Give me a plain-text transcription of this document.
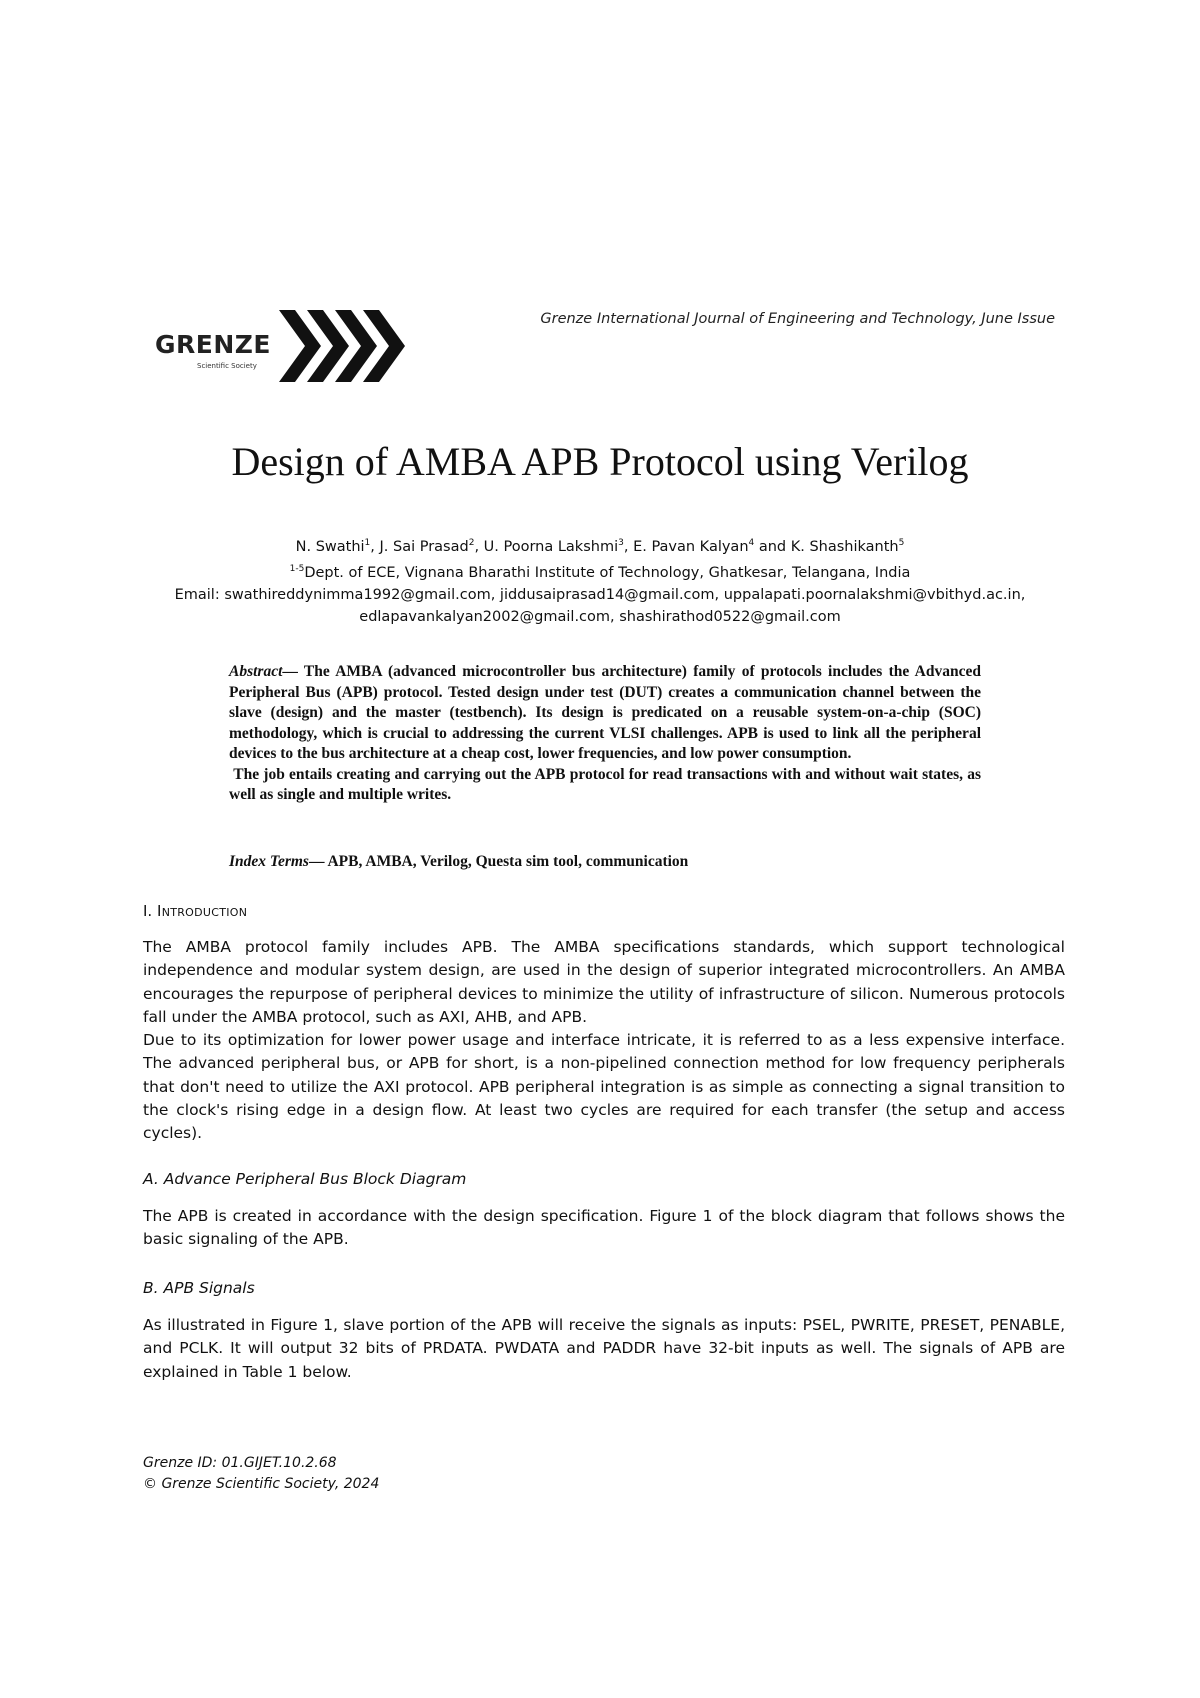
GRENZE
Scientific Society
Grenze International Journal of Engineering and Technology, June Issue
Design of AMBA APB Protocol using Verilog
N. Swathi$^1$, J. Sai Prasad$^2$, U. Poorna Lakshmi$^3$, E. Pavan Kalyan$^4$ and K. Shashikanth$^5$
$^{1-5}$Dept. of ECE, Vignana Bharathi Institute of Technology, Ghatkesar, Telangana, India
Email: swathireddynimma1992@gmail.com, jiddusaiprasad14@gmail.com, uppalapati.poornalakshmi@vbithyd.ac.in,
edlapavankalyan2002@gmail.com, shashirathod0522@gmail.com

Abstract— The AMBA (advanced microcontroller bus architecture) family of protocols includes the Advanced Peripheral Bus (APB) protocol. Tested design under test (DUT) creates a communication channel between the slave (design) and the master (testbench). Its design is predicated on a reusable system-on-a-chip (SOC) methodology, which is crucial to addressing the current VLSI challenges. APB is used to link all the peripheral devices to the bus architecture at a cheap cost, lower frequencies, and low power consumption.

The job entails creating and carrying out the APB protocol for read transactions with and without wait states, as well as single and multiple writes.

Index Terms— APB, AMBA, Verilog, Questa sim tool, communication
I. Introduction

The AMBA protocol family includes APB. The AMBA specifications standards, which support technological independence and modular system design, are used in the design of superior integrated microcontrollers. An AMBA encourages the repurpose of peripheral devices to minimize the utility of infrastructure of silicon. Numerous protocols fall under the AMBA protocol, such as AXI, AHB, and APB.

Due to its optimization for lower power usage and interface intricate, it is referred to as a less expensive interface. The advanced peripheral bus, or APB for short, is a non-pipelined connection method for low frequency peripherals that don't need to utilize the AXI protocol. APB peripheral integration is as simple as connecting a signal transition to the clock's rising edge in a design flow. At least two cycles are required for each transfer (the setup and access cycles).

A. Advance Peripheral Bus Block Diagram

The APB is created in accordance with the design specification. Figure 1 of the block diagram that follows shows the basic signaling of the APB.

B. APB Signals

As illustrated in Figure 1, slave portion of the APB will receive the signals as inputs: PSEL, PWRITE, PRESET, PENABLE, and PCLK. It will output 32 bits of PRDATA. PWDATA and PADDR have 32-bit inputs as well. The signals of APB are explained in Table 1 below.

Grenze ID: 01.GIJET.10.2.68
© Grenze Scientific Society, 2024
